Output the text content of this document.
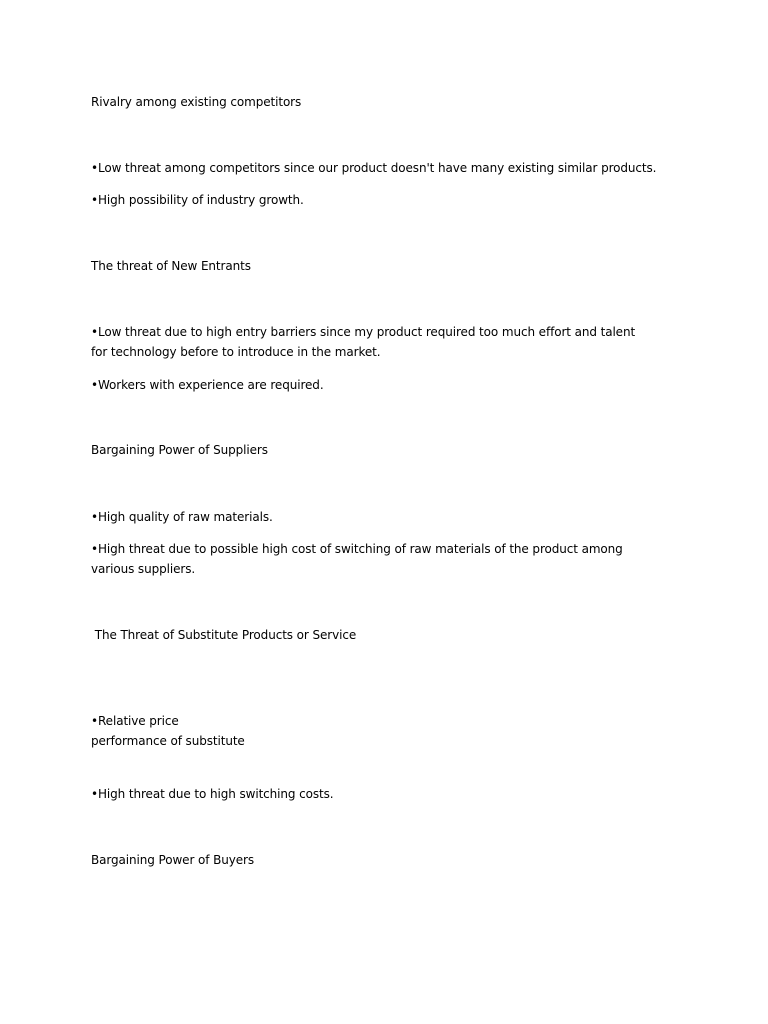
Rivalry among existing competitors
•Low threat among competitors since our product doesn't have many existing similar products.
•High possibility of industry growth.
The threat of New Entrants
•Low threat due to high entry barriers since my product required too much effort and talent for technology before to introduce in the market.
•Workers with experience are required.
Bargaining Power of Suppliers
•High quality of raw materials.
•High threat due to possible high cost of switching of raw materials of the product among various suppliers.
The Threat of Substitute Products or Service
•Relative price
performance of substitute
•High threat due to high switching costs.
Bargaining Power of Buyers
